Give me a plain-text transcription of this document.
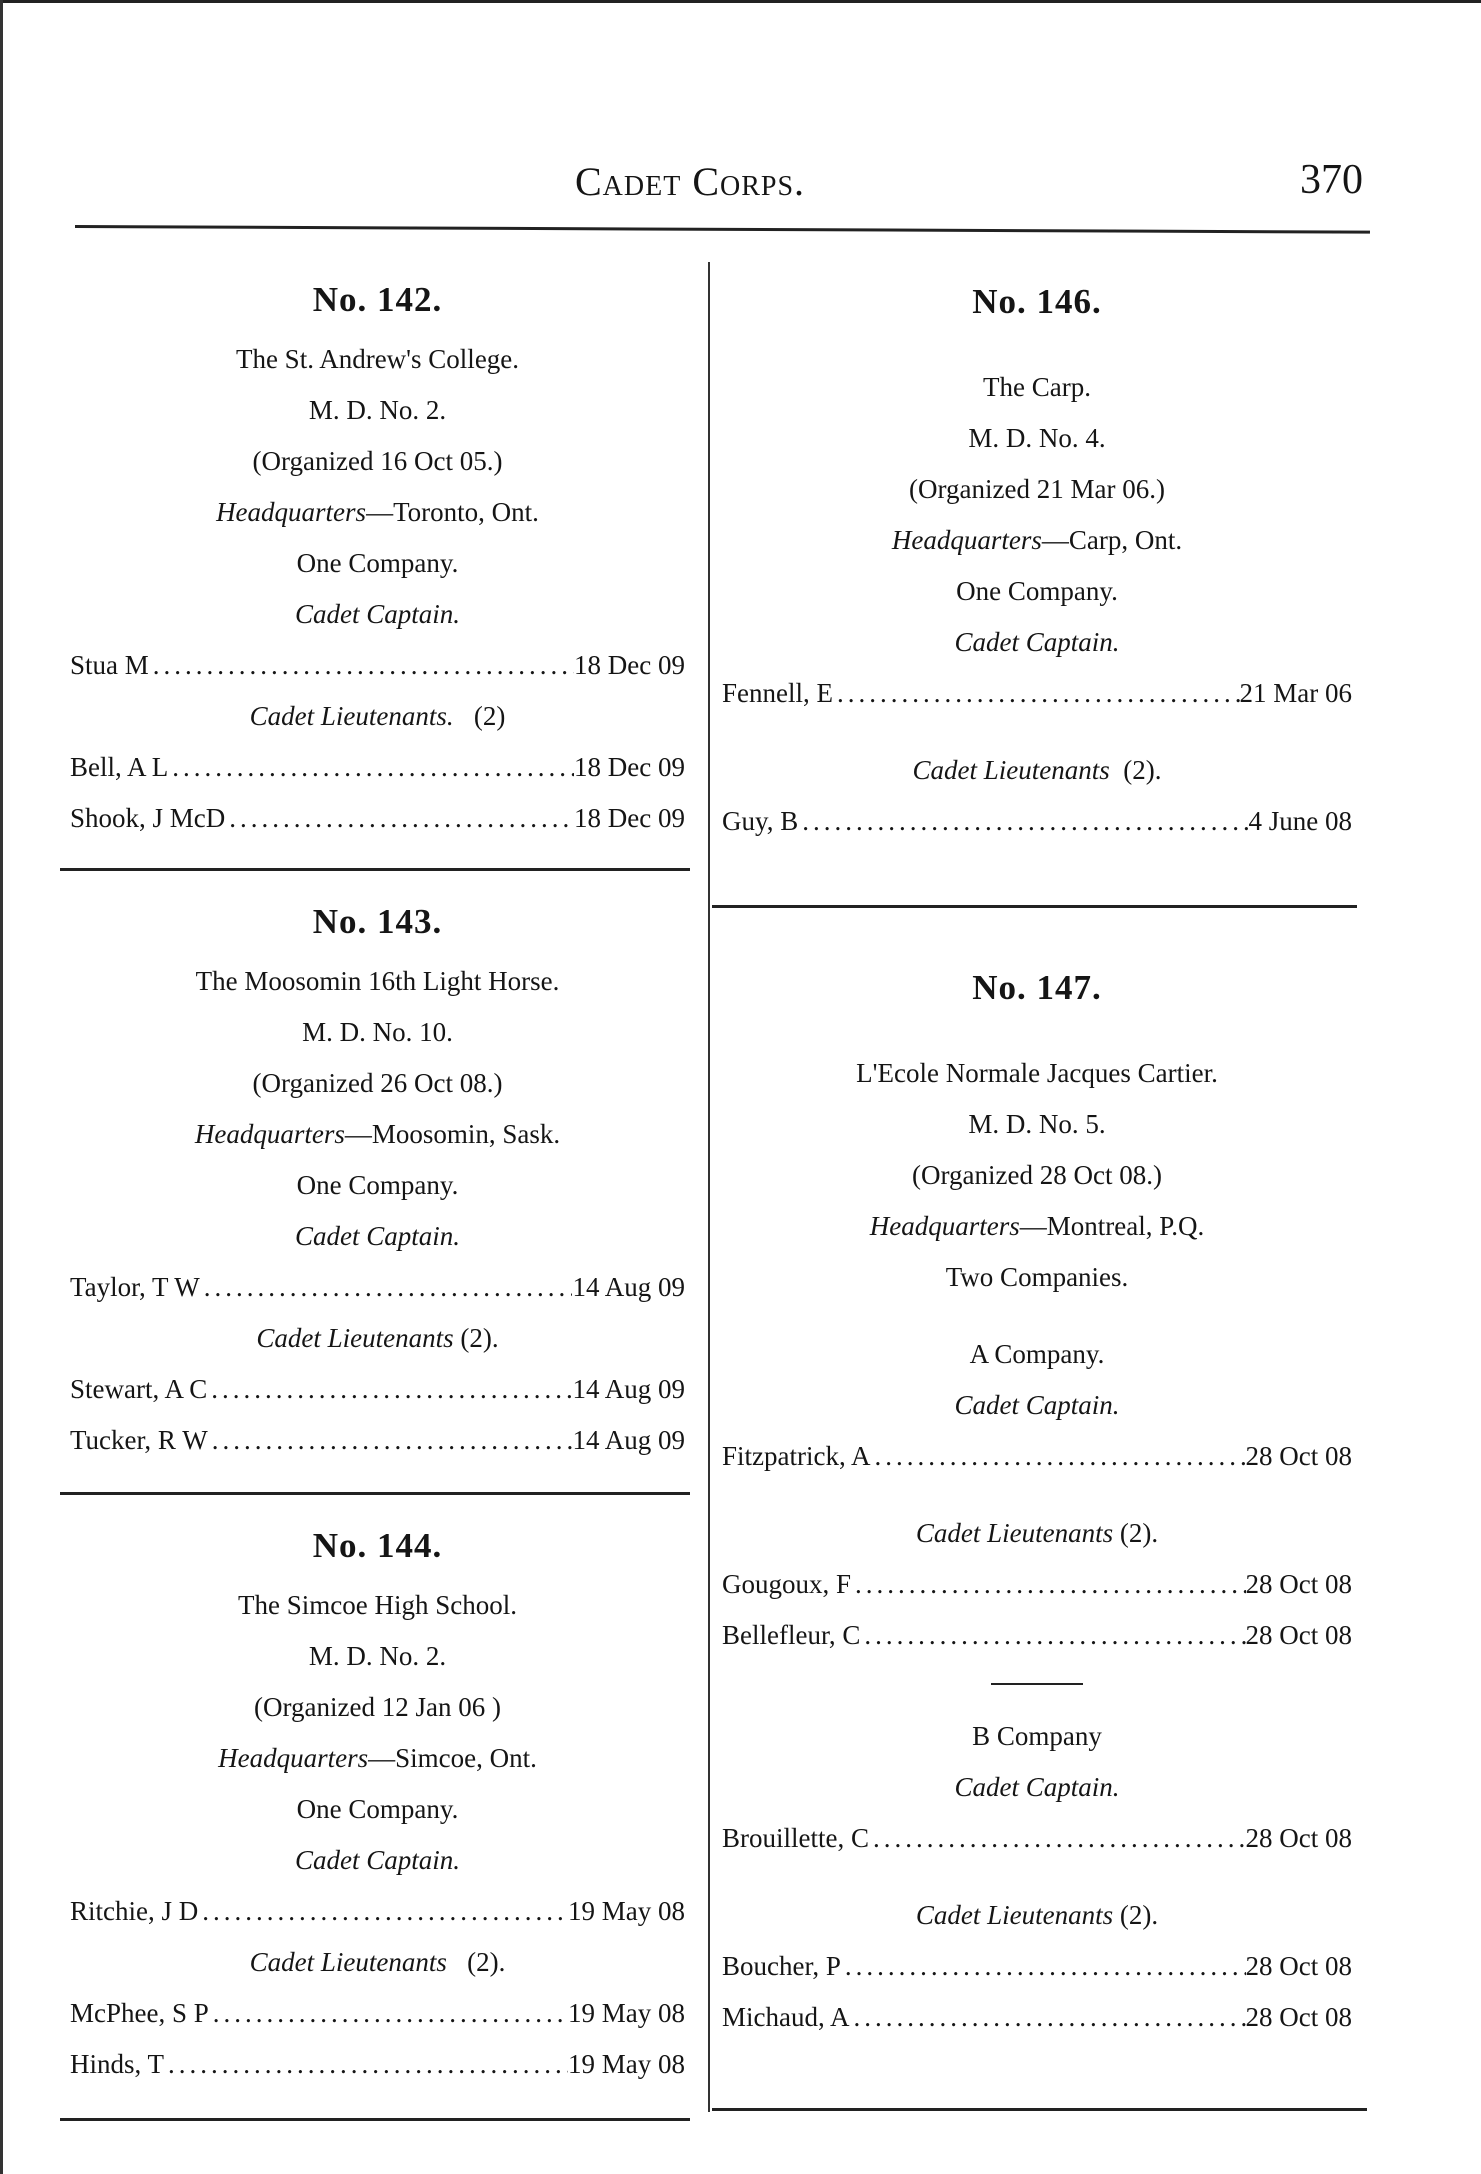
Cadet Corps.	370
No. 142.
The St. Andrew's College.
M. D. No. 2.
(Organized 16 Oct 05.)
Headquarters—Toronto, Ont.
One Company.
Cadet Captain.
Stua M .....	18 Dec 09
Cadet Lieutenants. (2)
Bell, A L .....	18 Dec 09
Shook, J McD .....	18 Dec 09
No. 143.
The Moosomin 16th Light Horse.
M. D. No. 10.
(Organized 26 Oct 08.)
Headquarters—Moosomin, Sask.
One Company.
Cadet Captain.
Taylor, T W .....	14 Aug 09
Cadet Lieutenants (2).
Stewart, A C .....	14 Aug 09
Tucker, R W .....	14 Aug 09
No. 144.
The Simcoe High School.
M. D. No. 2.
(Organized 12 Jan 06 )
Headquarters—Simcoe, Ont.
One Company.
Cadet Captain.
Ritchie, J D .....	19 May 08
Cadet Lieutenants (2).
McPhee, S P .....	19 May 08
Hinds, T .....	19 May 08
No. 146.
The Carp.
M. D. No. 4.
(Organized 21 Mar 06.)
Headquarters—Carp, Ont.
One Company.
Cadet Captain.
Fennell, E .....	21 Mar 06
Cadet Lieutenants (2).
Guy, B .....	4 June 08
No. 147.
L'Ecole Normale Jacques Cartier.
M. D. No. 5.
(Organized 28 Oct 08.)
Headquarters—Montreal, P.Q.
Two Companies.
A Company.
Cadet Captain.
Fitzpatrick, A .....	28 Oct 08
Cadet Lieutenants (2).
Gougoux, F .....	28 Oct 08
Bellefleur, C .....	28 Oct 08
B Company
Cadet Captain.
Brouillette, C .....	28 Oct 08
Cadet Lieutenants (2).
Boucher, P .....	28 Oct 08
Michaud, A .....	28 Oct 08
